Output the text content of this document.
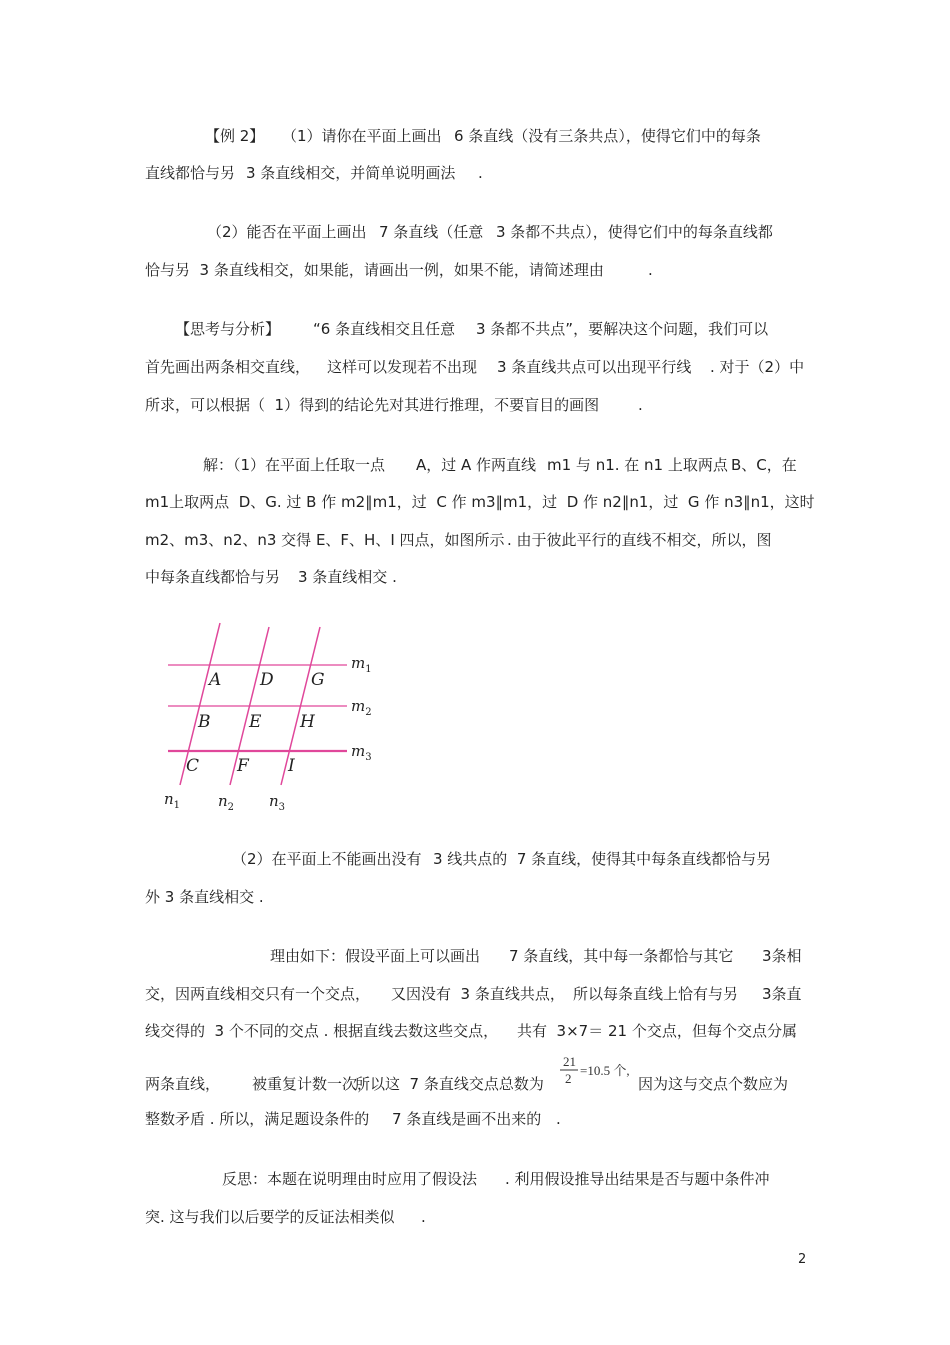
【例 2】 （1）请你在平面上画出 6 条直线（没有三条共点），使得它们中的每条
直线都恰与另 3 条直线相交，并简单说明画法 .
（2）能否在平面上画出 7 条直线（任意 3 条都不共点），使得它们中的每条直线都
恰与另  3 条直线相交，如果能，请画出一例，如果不能，请简述理由	.
【思考与分析】 “6 条直线相交且任意 3 条都不共点”，要解决这个问题，我们可以
首先画出两条相交直线， 这样可以发现若不出现 3 条直线共点可以出现平行线 . 对于（2）中
所求，可以根据（  1）得到的结论先对其进行推理，不要盲目的画图	.
解：（1）在平面上任取一点 A，过 A 作两直线 m1 与 n1. 在 n1 上取两点 B、C，在
m1上取两点  D、G. 过 B 作 m2∥m1，过  C 作 m3∥m1，过  D 作 n2∥n1，过  G 作 n3∥n1，这时
m2、m3、n2、n3 交得 E、F、H、I 四点，如图所示 . 由于彼此平行的直线不相交，所以，图
中每条直线都恰与另 3 条直线相交 .
A D G
B E H
C F I
$m_1$
$m_2$
$m_3$
$n_1$	$n_2$ $n_3$
（2）在平面上不能画出没有 3 线共点的  7 条直线，使得其中每条直线都恰与另
外 3 条直线相交 .
理由如下：假设平面上可以画出 7 条直线，其中每一条都恰与其它 3条相
交，因两直线相交只有一个交点， 又因没有  3 条直线共点， 所以每条直线上恰有与另 3条直
线交得的  3 个不同的交点 . 根据直线去数这些交点， 共有  3×7＝ 21 个交点， 但每个交点分属
两条直线， 被重复计数一次，
所以这  7 条直线交点总数为
21
2
=10.5 个,
因为这与交点个数应为
整数矛盾 . 所以，满足题设条件的 7 条直线是画不出来的 .
反思：本题在说明理由时应用了假设法 . 利用假设推导出结果是否与题中条件冲
突. 这与我们以后要学的反证法相类似 .
2
